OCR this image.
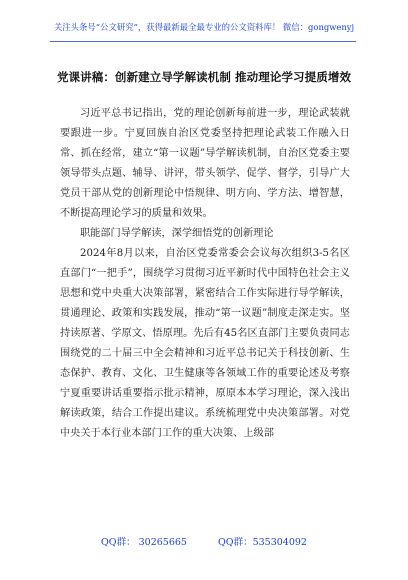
关注头条号“公文研究”，获得最新最全最专业的公文资料库！ 微信：gongwenyj
党课讲稿：创新建立导学解读机制 推动理论学习提质增效

习近平总书记指出，党的理论创新每前进一步，理论武装就要跟进一步。宁夏回族自治区党委坚持把理论武装工作融入日常、抓在经常，建立“第一议题”导学解读机制，自治区党委主要领导带头点题、辅导、讲评，带头领学、促学、督学，引导广大党员干部从党的创新理论中悟规律、明方向、学方法、增智慧，不断提高理论学习的质量和效果。

职能部门导学解读，深学细悟党的创新理论

2024年8月以来，自治区党委常委会会议每次组织3-5名区直部门“一把手”，围绕学习贯彻习近平新时代中国特色社会主义思想和党中央重大决策部署，紧密结合工作实际进行导学解读，贯通理论、政策和实践发展，推动“第一议题”制度走深走实。坚持读原著、学原文、悟原理。先后有45名区直部门主要负责同志围绕党的二十届三中全会精神和习近平总书记关于科技创新、生态保护、教育、文化、卫生健康等各领域工作的重要论述及考察宁夏重要讲话重要指示批示精神，原原本本学习理论，深入浅出解读政策，结合工作提出建议。系统梳理党中央决策部署。对党中央关于本行业本部门工作的重大决策、上级部

QQ群： 30265665	QQ群：535304092
